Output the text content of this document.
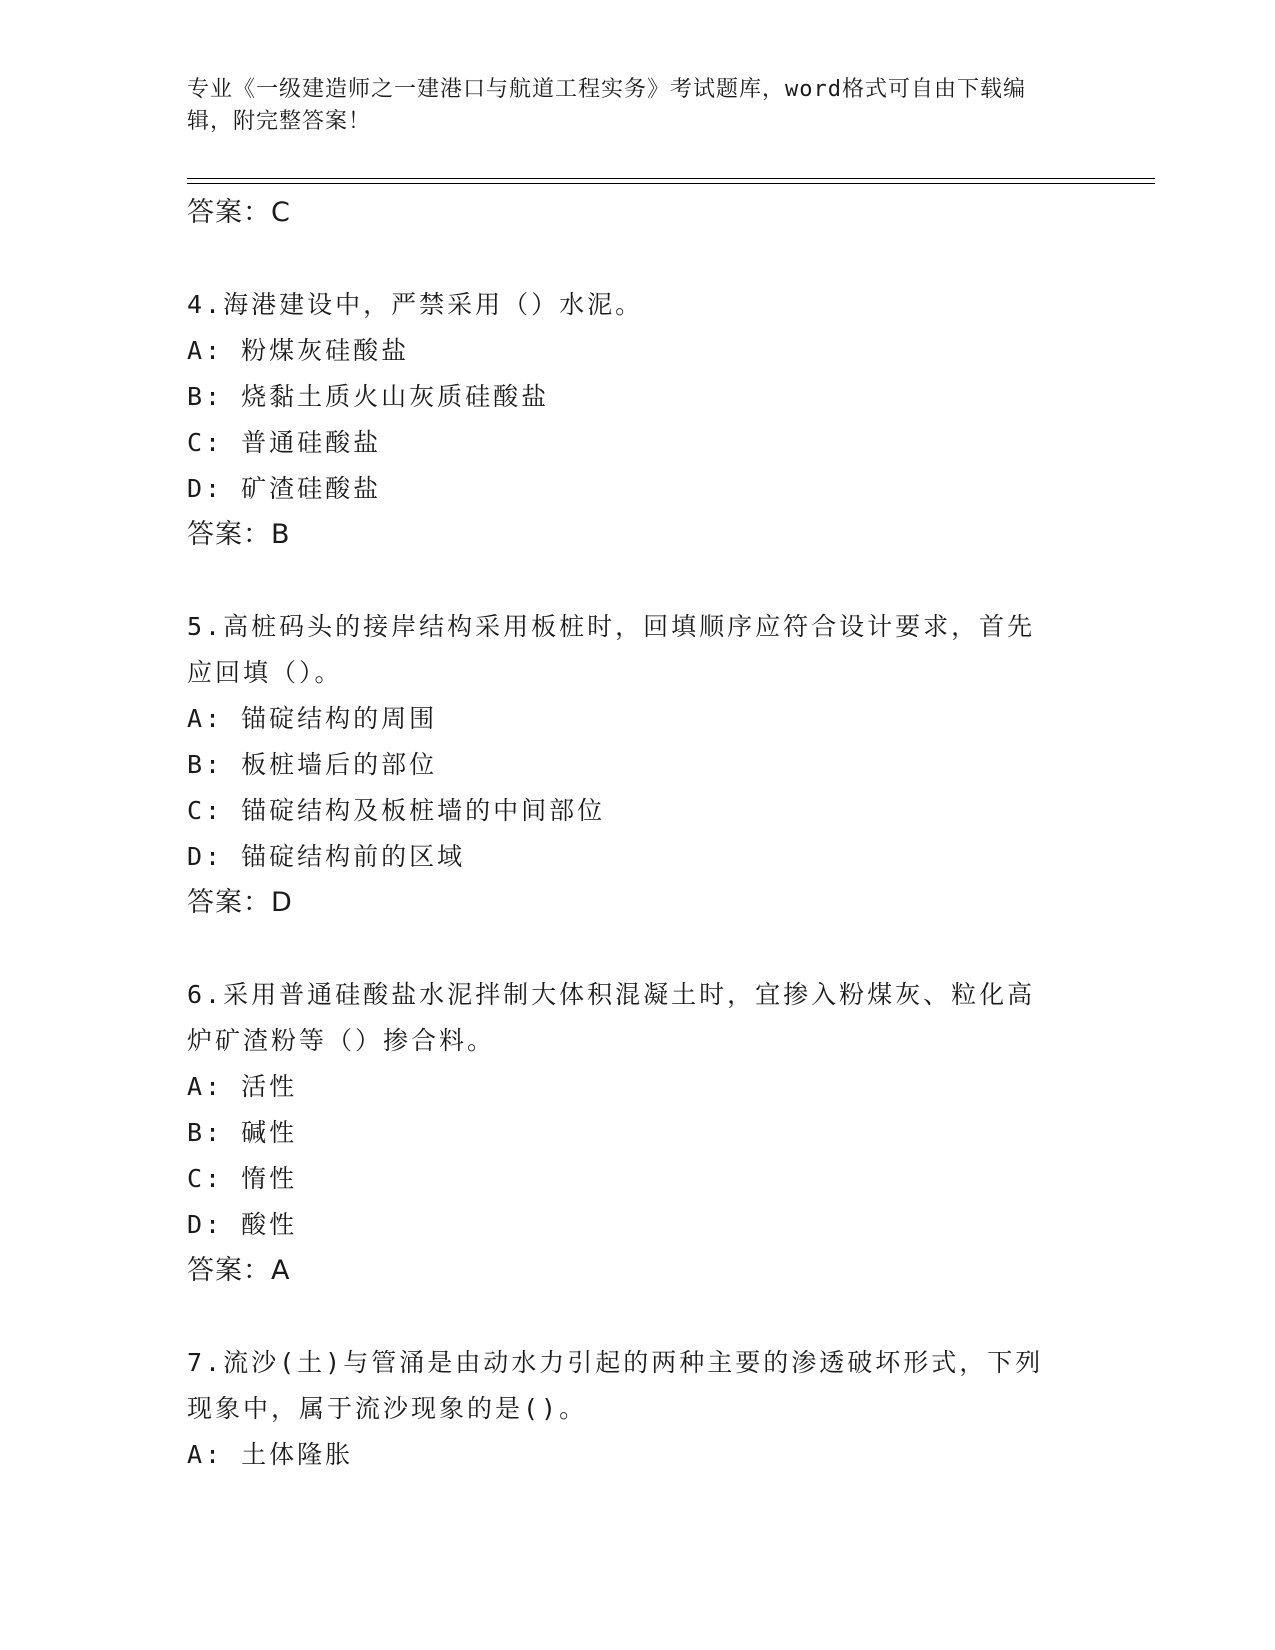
专业《一级建造师之一建港口与航道工程实务》考试题库，word格式可自由下载编辑，附完整答案！
答案：C
4.海港建设中，严禁采用（）水泥。
A: 粉煤灰硅酸盐
B: 烧黏土质火山灰质硅酸盐
C: 普通硅酸盐
D: 矿渣硅酸盐
答案：B
5.高桩码头的接岸结构采用板桩时，回填顺序应符合设计要求，首先
应回填（）。
A: 锚碇结构的周围
B: 板桩墙后的部位
C: 锚碇结构及板桩墙的中间部位
D: 锚碇结构前的区域
答案：D
6.采用普通硅酸盐水泥拌制大体积混凝土时，宜掺入粉煤灰、粒化高
炉矿渣粉等（）掺合料。
A: 活性
B: 碱性
C: 惰性
D: 酸性
答案：A
7.流沙(土)与管涌是由动水力引起的两种主要的渗透破坏形式，下列
现象中，属于流沙现象的是()。
A: 土体隆胀
